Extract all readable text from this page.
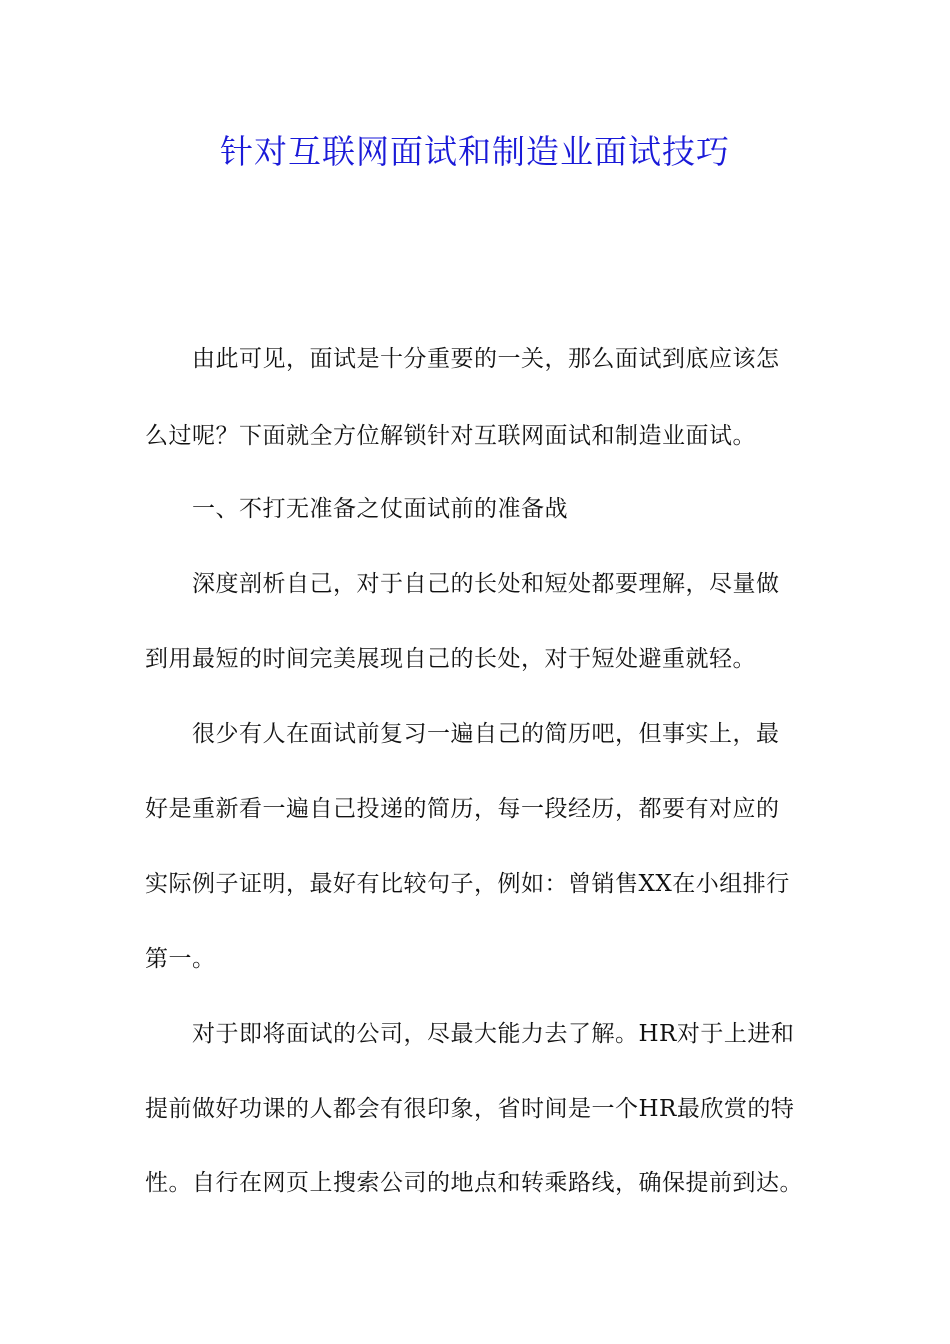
针对互联网面试和制造业面试技巧
由此可见，面试是十分重要的一关，那么面试到底应该怎
么过呢？下面就全方位解锁针对互联网面试和制造业面试。
一、不打无准备之仗面试前的准备战
深度剖析自己，对于自己的长处和短处都要理解，尽量做
到用最短的时间完美展现自己的长处，对于短处避重就轻。
很少有人在面试前复习一遍自己的简历吧，但事实上，最
好是重新看一遍自己投递的简历，每一段经历，都要有对应的
实际例子证明，最好有比较句子，例如：曾销售XX在小组排行
第一。
对于即将面试的公司，尽最大能力去了解。HR对于上进和
提前做好功课的人都会有很印象，省时间是一个HR最欣赏的特
性。自行在网页上搜索公司的地点和转乘路线，确保提前到达。
